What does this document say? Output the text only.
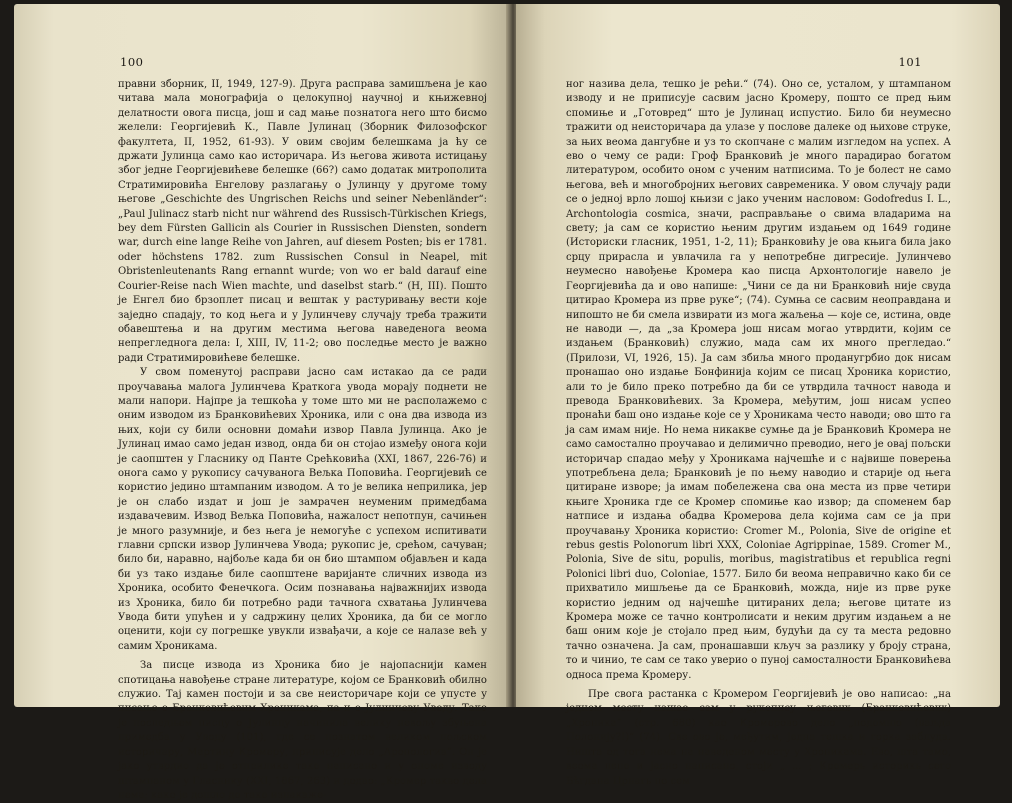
100

правни зборник, II, 1949, 127-9). Друга расправа замишљена је као читава мала монографија о целокупној научној и књижевној делатности овога писца, још и сад мање познатога него што бисмо желели: Георгијевић К., Павле Јулинац (Зборник Филозофског факултета, II, 1952, 61-93). У овим својим белешкама ја ћу се држати Јулинца само као историчара. Из његова живота истицању због једне Георгијевићеве белешке (66?) само додатак митрополита Стратимировића Енгелову разлагању о Јулинцу у другоме тому његове „Geschichte des Ungrischen Reichs und seiner Nebenländer“: „Paul Julinacz starb nicht nur während des Russisch-Türkischen Kriegs, bey dem Fürsten Gallicin als Courier in Russischen Diensten, sondern war, durch eine lange Reihe von Jahren, auf diesem Posten; bis er 1781. oder höchstens 1782. zum Russischen Consul in Neapel, mit Obristenleutenants Rang ernannt wurde; von wo er bald darauf eine Courier-Reise nach Wien machte, und daselbst starb.“ (Н, III). Пошто је Енгел био брзоплет писац и вештак у растуривању вести које заједно спадају, то код њега и у Јулинчеву случају треба тражити обавештења и на другим местима његова наведенога веома непрегледнога дела: I, XIII, IV, 11-2; ово последње место је важно ради Стратимировићеве белешке.

У свом поменутој расправи јасно сам истакао да се ради проучавања малога Јулинчева Краткога увода морају поднети не мали напори. Најпре ја тешкоћа у томе што ми не располажемо с оним изводом из Бранковићевих Хроника, или с она два извода из њих, који су били основни домаћи извор Павла Јулинца. Ако је Јулинац имао само један извод, онда би он стојао између онога који је саопштен у Гласнику од Панте Срећковића (XXI, 1867, 226-76) и онога само у рукопису сачуванога Вељка Поповића. Георгијевић се користио једино штампаним изводом. А то је велика неприлика, јер је он слабо издат и још је замрачен неуменим примедбама издавачевим. Извод Вељка Поповића, нажалост непотпун, сачињен је много разумније, и без њега је немогуће с успехом испитивати главни српски извор Јулинчева Увода; рукопис је, срећом, сачуван; било би, наравно, најбоље када би он био штампом објављен и када би уз тако издање биле саопштене варијанте сличних извода из Хроника, особито Фенечкога. Осим познавања најважнијих извода из Хроника, било би потребно ради тачнога схватања Јулинчева Увода бити упућен и у садржину целих Хроника, да би се могло оценити, који су погрешке увукли извађачи, а које се налазе већ у самим Хроникама.

За писце извода из Хроника био је најопаснији камен спотицања навођење стране литературе, којом се Бранковић обилно служио. Тај камен постоји и за све неисторичаре који се упусте у писање о Бранковићевим Хроникама, па и о Јулинчеву Уводу. Тако је последњем писцу о Јулинцу начинила велику невољу збуњена примедба у Уводу (101), где се познатом великом пољском историчару, Мартину Кромеру, приписује дело „Аронологиа“. Он је јако утврдио да је отприлике тако написано и у ономе изводу штампаном у Гласнику (XXI, 1867, 263) и додао: „Кромер такво дела нема; како је дошло до тако изнакаже-

101

ног назива дела, тешко је рећи.“ (74). Оно се, усталом, у штампаном изводу и не приписује сасвим јасно Кромеру, пошто се пред њим спомиње и „Готовред“ што је Јулинац испустио. Било би неумесно тражити од неисторичара да улазе у послове далеке од њихове струке, за њих веома дангубне и уз то скопчане с малим изгледом на успех. А ево о чему се ради: Гроф Бранковић је много парадирао богатом литературом, особито оном с ученим натписима. То је болест не само његова, већ и многобројних његових савременика. У овом случају ради се о једној врло лошој књизи с јако ученим насловом: Godofredus I. L., Archontologia cosmica, значи, расправљање о свима владарима на свету; ја сам се користио њеним другим издањем од 1649 године (Историски гласник, 1951, 1-2, 11); Бранковићу је ова књига била јако срцу прирасла и увлачила га у непотребне дигресије. Јулинчево неумесно навођење Кромера као писца Архонтологије навело је Георгијевића да и ово напише: „Чини се да ни Бранковић није свуда цитирао Кромера из прве руке“; (74). Сумња се сасвим неоправдана и нипошто не би смела извирати из мога жаљења — које се, истина, овде не наводи —, да „за Кромера још нисам могао утврдити, којим се издањем (Бранковић) служио, мада сам их много прегледао.“ (Прилози, VI, 1926, 15). Ја сам збиља много проданугрбио док нисам пронашао оно издање Бонфинија којим се писац Хроника користио, али то је било преко потребно да би се утврдила тачност навода и превода Бранковићевих. За Кромера, међутим, још нисам успео пронаћи баш оно издање које се у Хроникама често наводи; ово што га ја сам имам није. Но нема никакве сумње да је Бранковић Кромера не само самостално проучавао и делимично преводио, него је овај пољски историчар спадао међу у Хроникама најчешће и с највише поверења употребљена дела; Бранковић је по њему наводио и старије од њега цитиране изворе; ја имам побележена сва она места из прве четири књиге Хроника где се Кромер спомиње као извор; да споменем бар натписе и издања обадва Кромерова дела којима сам се ја при проучавању Хроника користио: Cromer M., Polonia, Sive de origine et rebus gestis Polonorum libri XXX, Coloniae Agrippinae, 1589. Cromer M., Polonia, Sive de situ, populis, moribus, magistratibus et republica regni Polonici libri duo, Coloniae, 1577. Било би веома неправично како би се прихватило мишљење да се Бранковић, можда, није из прве руке користио једним од најчешће цитираних дела; његове цитате из Кромера може се тачно контролисати и неким другим издањем а не баш оним које је стојало пред њим, будући да су та места редовно тачно означена. Ја сам, пронашавши кључ за разлику у броју страна, то и чинио, те сам се тако уверио о пуној самосталности Бранковићева односа према Кромеру.

Пре свога растанка с Кромером Георгијевић је ово написао: „на једном месту нашао сам у рукопису његових (Бранковићевих) „Хроника“ (стр. 680) као Кромерово дело „подомню (ваљда Полонију?!)“ (74). Све ово је, међутим, једна тешка и горка заблуда. Ништа од тога нема на наведеном месту у Хроникама. Ево, шта тамо, веома лепо и јасно написано, стоји „ ... ; Кромерь историкь сего Бѣгдана Црнагь по сем
